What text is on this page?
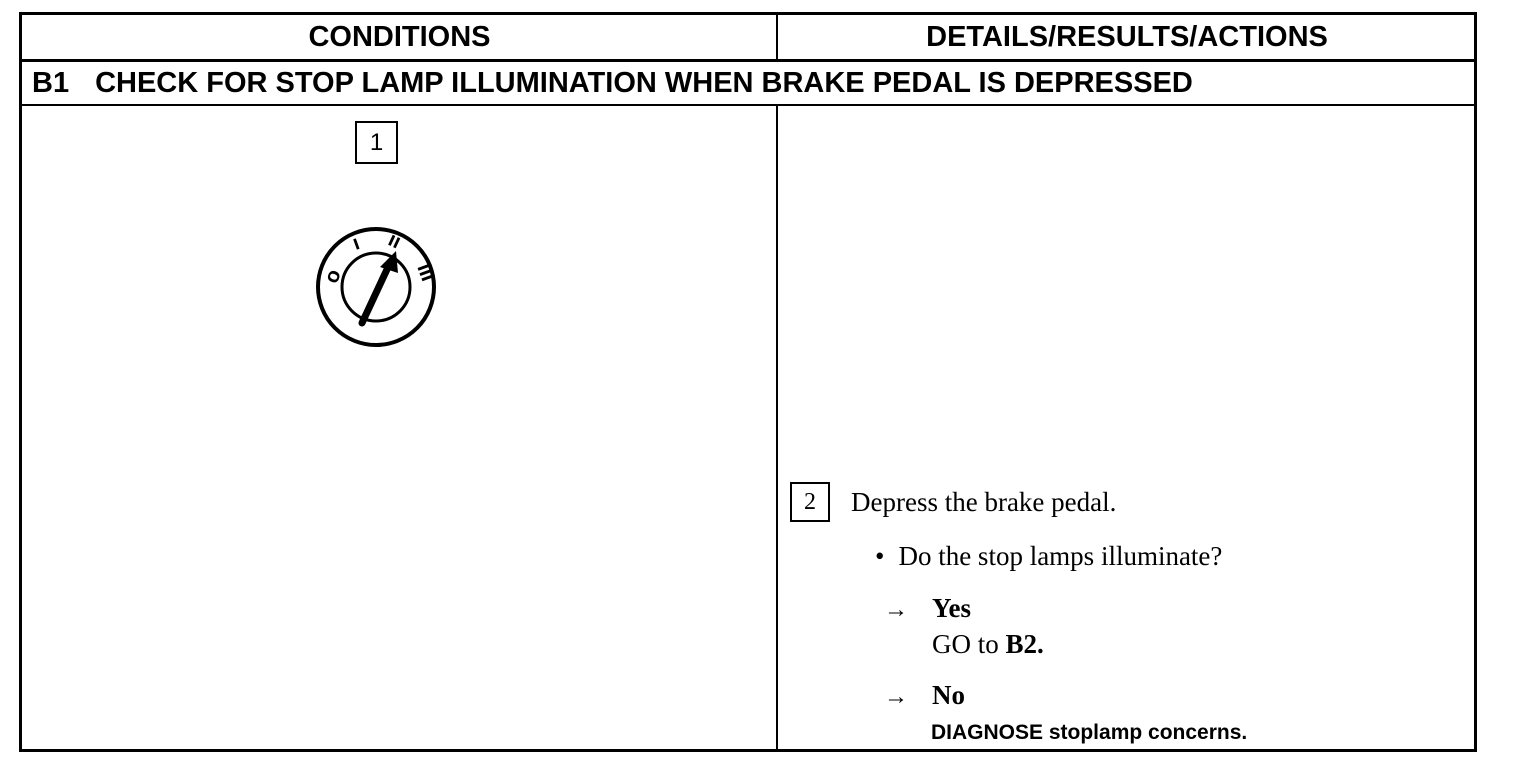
CONDITIONS	DETAILS/RESULTS/ACTIONS
B1 CHECK FOR STOP LAMP ILLUMINATION WHEN BRAKE PEDAL IS DEPRESSED
1
O
I II
III
2	Depress the brake pedal.
• Do the stop lamps illuminate?
→ Yes
GO to B2.
→ No
DIAGNOSE stoplamp concerns.
